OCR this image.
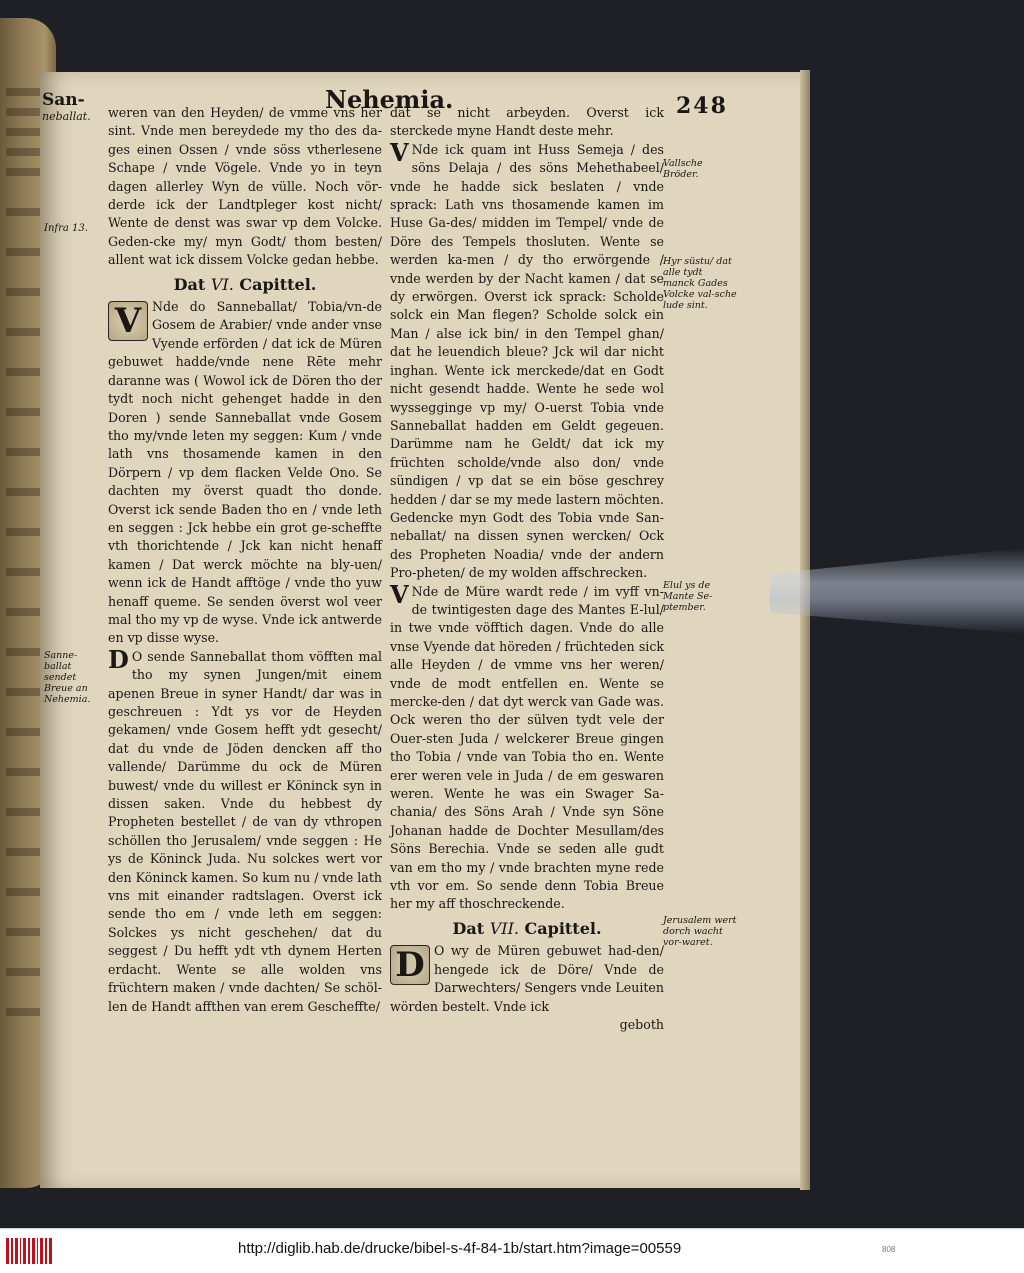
San-
neballat.
Nehemia.	248
Infra 13.
Sanne-ballat sendet Breue an Nehemia.
Vallsche Bröder.
Hyr süstu/ dat alle tydt manck Gades Volcke val-sche lude sint.
Elul ys de Mante Se-ptember.
Jerusalem wert dorch wacht vor-waret.

weren van den Heyden/ de vmme vns her sint. Vnde men bereydede my tho des da-ges einen Ossen / vnde söss vtherlesene Schape / vnde Vögele. Vnde yo in teyn dagen allerley Wyn de vülle. Noch vör-derde ick der Landtpleger kost nicht/ Wente de denst was swar vp dem Volcke. Geden-cke my/ myn Godt/ thom besten/ allent wat ick dissem Volcke gedan hebbe.

Dat VI. Capittel.
V Nde do Sanneballat/ Tobia/vn-de Gosem de Arabier/ vnde ander vnse Vyende erförden / dat ick de Müren gebuwet hadde/vnde nene Rēte mehr daranne was ( Wowol ick de Dören tho der tydt noch nicht gehenget hadde in den Doren ) sende Sanneballat vnde Gosem tho my/vnde leten my seggen: Kum / vnde lath vns thosamende kamen in den Dörpern / vp dem flacken Velde Ono. Se dachten my överst quadt tho donde. Overst ick sende Baden tho en / vnde leth en seggen : Jck hebbe ein grot ge-scheffte vth thorichtende / Jck kan nicht henaff kamen / Dat werck möchte na bly-uen/ wenn ick de Handt afftöge / vnde tho yuw henaff queme. Se senden överst wol veer mal tho my vp de wyse. Vnde ick antwerde en vp disse wyse.

D O sende Sanneballat thom vöfften mal tho my synen Jungen/mit einem apenen Breue in syner Handt/ dar was in geschreuen : Ydt ys vor de Heyden gekamen/ vnde Gosem hefft ydt gesecht/ dat du vnde de Jöden dencken aff tho vallende/ Darümme du ock de Müren buwest/ vnde du willest er Köninck syn in dissen saken. Vnde du hebbest dy Propheten bestellet / de van dy vthropen schöllen tho Jerusalem/ vnde seggen : He ys de Köninck Juda. Nu solckes wert vor den Köninck kamen. So kum nu / vnde lath vns mit einander radtslagen. Overst ick sende tho em / vnde leth em seggen: Solckes ys nicht geschehen/ dat du seggest / Du hefft ydt vth dynem Herten erdacht. Wente se alle wolden vns früchtern maken / vnde dachten/ Se schöl-len de Handt affthen van erem Gescheffte/

dat se nicht arbeyden. Overst ick sterckede myne Handt deste mehr.

V Nde ick quam int Huss Semeja / des söns Delaja / des söns Mehethabeel/ vnde he hadde sick beslaten / vnde sprack: Lath vns thosamende kamen im Huse Ga-des/ midden im Tempel/ vnde de Döre des Tempels thosluten. Wente se werden ka-men / dy tho erwörgende / vnde werden by der Nacht kamen / dat se dy erwörgen. Overst ick sprack: Scholde solck ein Man flegen? Scholde solck ein Man / alse ick bin/ in den Tempel ghan/ dat he leuendich bleue? Jck wil dar nicht inghan. Wente ick merckede/dat en Godt nicht gesendt hadde. Wente he sede wol wyssegginge vp my/ O-uerst Tobia vnde Sanneballat hadden em Geldt gegeuen. Darümme nam he Geldt/ dat ick my früchten scholde/vnde alsо don/ vnde sündigen / vp dat se ein böse geschrey hedden / dar se my mede lastern möchten. Gedencke myn Godt des Tobia vnde San-neballat/ na dissen synen wercken/ Ock des Propheten Noadia/ vnde der andern Pro-pheten/ de my wolden affschrecken.

V Nde de Müre wardt rede / im vyff vn-de twintigesten dage des Mantes E-lul/ in twe vnde vöfftich dagen. Vnde do alle vnse Vyende dat höreden / früchteden sick alle Heyden / de vmme vns her weren/ vnde de modt entfellen en. Wente se mercke-den / dat dyt werck van Gade was. Ock weren tho der sülven tydt vele der Ouer-sten Juda / welckerer Breue gingen tho Tobia / vnde van Tobia tho en. Wente erer weren vele in Juda / de em geswaren weren. Wente he was ein Swager Sa-chania/ des Söns Arah / Vnde syn Söne Johanan hadde de Dochter Mesullam/des Söns Berechia. Vnde se seden alle gudt van em tho my / vnde brachten myne rede vth vor em. So sende denn Tobia Breue her my aff thoschreckende.

Dat VII. Capittel.
D O wy de Müren gebuwet had-den/ hengede ick de Döre/ Vnde de Darwechters/ Sengers vnde Leuiten wörden bestelt. Vnde ick

geboth
http://diglib.hab.de/drucke/bibel-s-4f-84-1b/start.htm?image=00559	808
